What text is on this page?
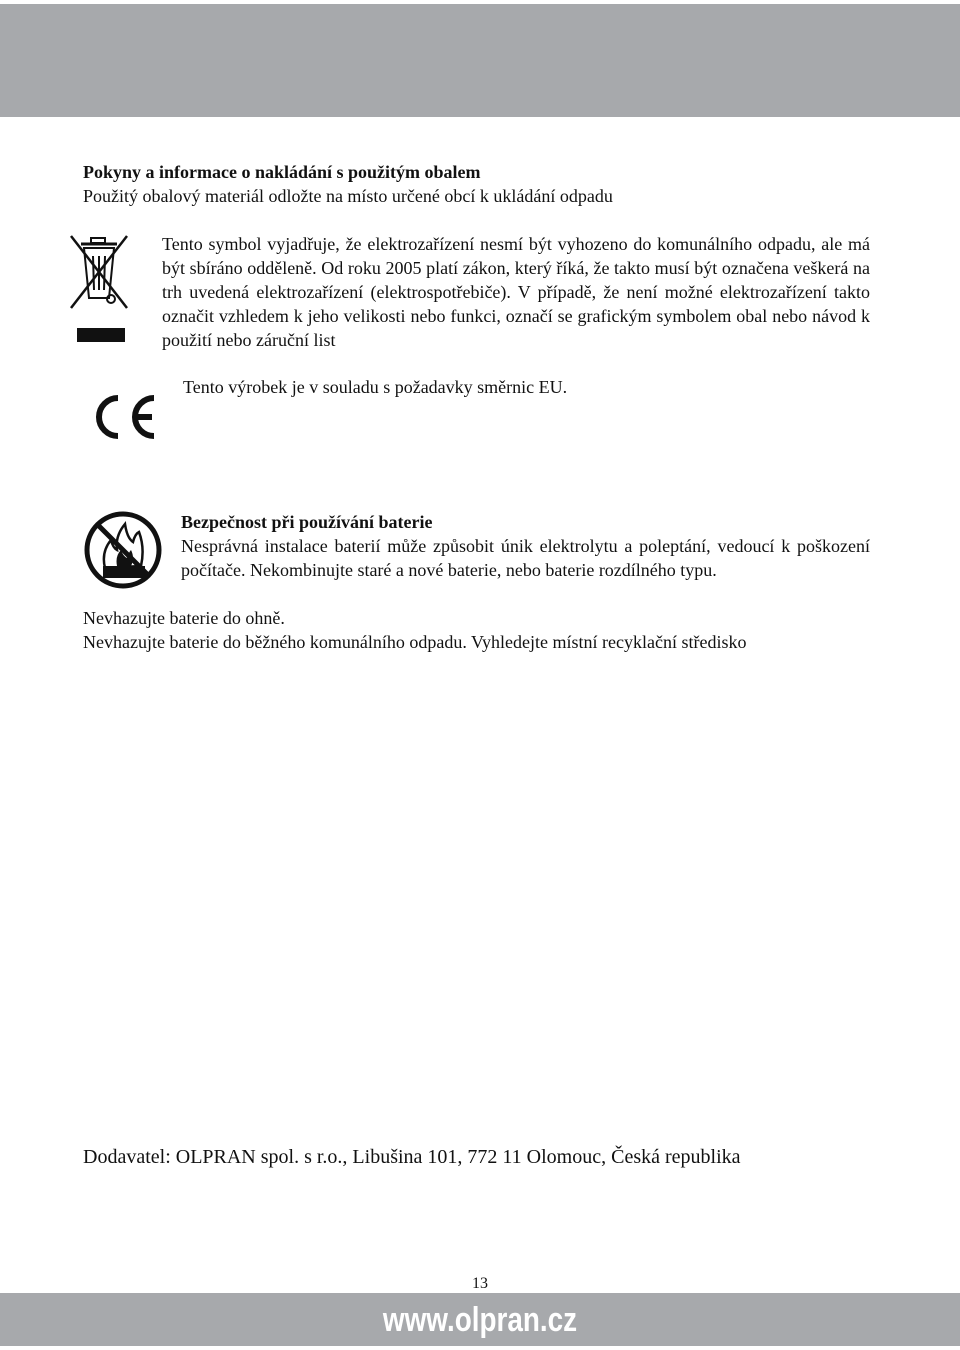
Pokyny a informace o nakládání s použitým obalem
Použitý obalový materiál odložte na místo určené obcí k ukládání odpadu
Tento symbol vyjadřuje, že elektrozařízení nesmí být vyhozeno do komunálního odpadu, ale má být sbíráno odděleně. Od roku 2005 platí zákon, který říká, že takto musí být označena veškerá na trh uvedená elektrozařízení (elektrospotřebiče). V případě, že není možné elektrozařízení takto označit vzhledem k jeho velikosti nebo funkci, označí se grafickým symbolem obal nebo návod k použití nebo záruční list
Tento výrobek je v souladu s požadavky směrnic EU.
Bezpečnost při používání baterie
Nesprávná instalace baterií může způsobit únik elektrolytu a poleptání, vedoucí k poškození počítače. Nekombinujte staré a nové baterie, nebo baterie rozdílného typu.
Nevhazujte baterie do ohně.
Nevhazujte baterie do běžného komunálního odpadu. Vyhledejte místní recyklační středisko
Dodavatel: OLPRAN spol. s r.o., Libušina 101, 772 11 Olomouc, Česká republika
13
www.olpran.cz
